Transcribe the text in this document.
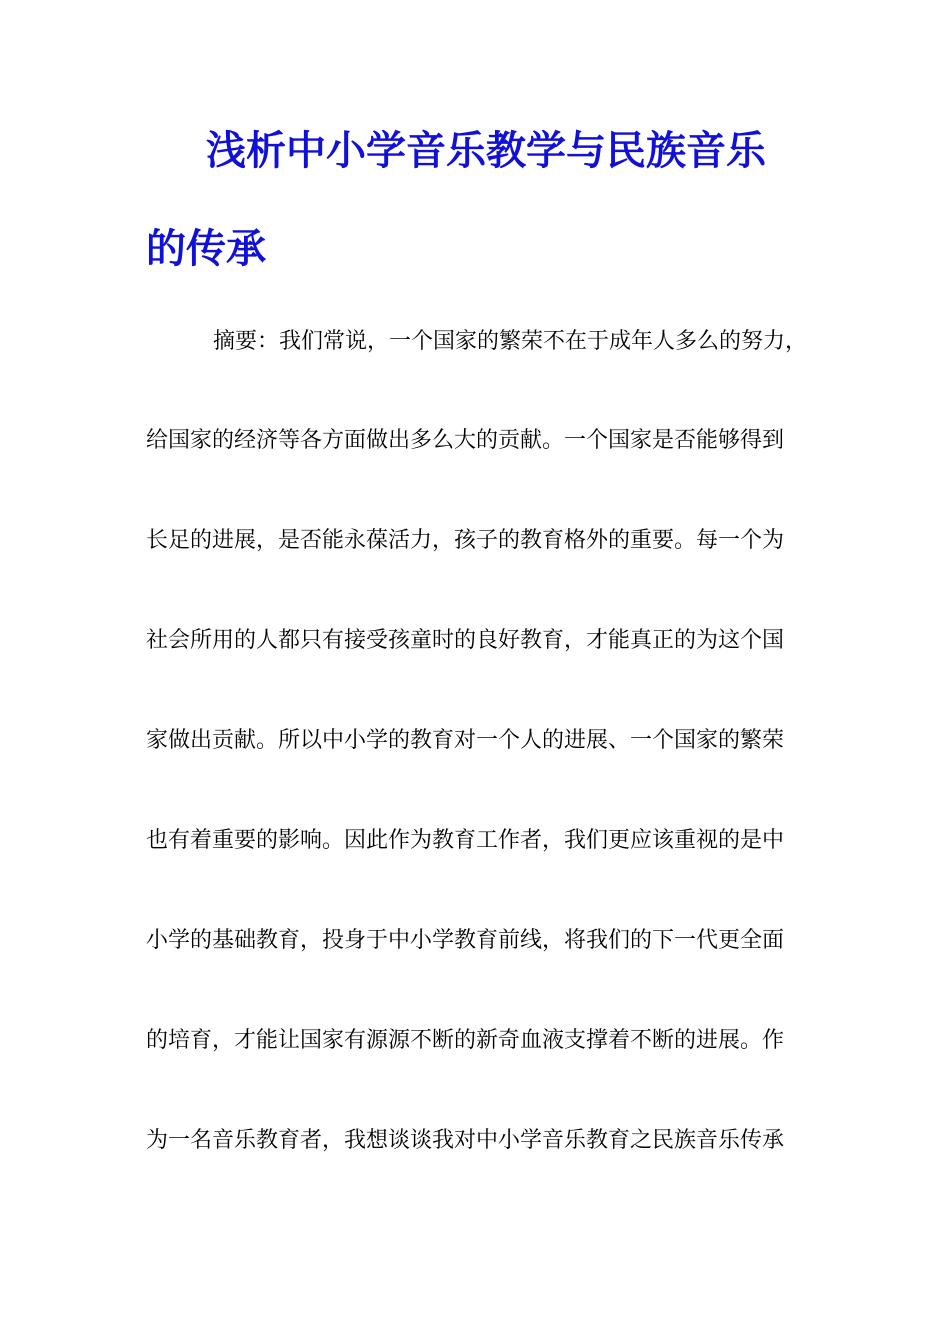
浅析中小学音乐教学与民族音乐
的传承

摘要：我们常说，一个国家的繁荣不在于成年人多么的努力，

给国家的经济等各方面做出多么大的贡献。一个国家是否能够得到

长足的进展，是否能永葆活力，孩子的教育格外的重要。每一个为

社会所用的人都只有接受孩童时的良好教育，才能真正的为这个国

家做出贡献。所以中小学的教育对一个人的进展、一个国家的繁荣

也有着重要的影响。因此作为教育工作者，我们更应该重视的是中

小学的基础教育，投身于中小学教育前线，将我们的下一代更全面

的培育，才能让国家有源源不断的新奇血液支撑着不断的进展。作

为一名音乐教育者，我想谈谈我对中小学音乐教育之民族音乐传承
